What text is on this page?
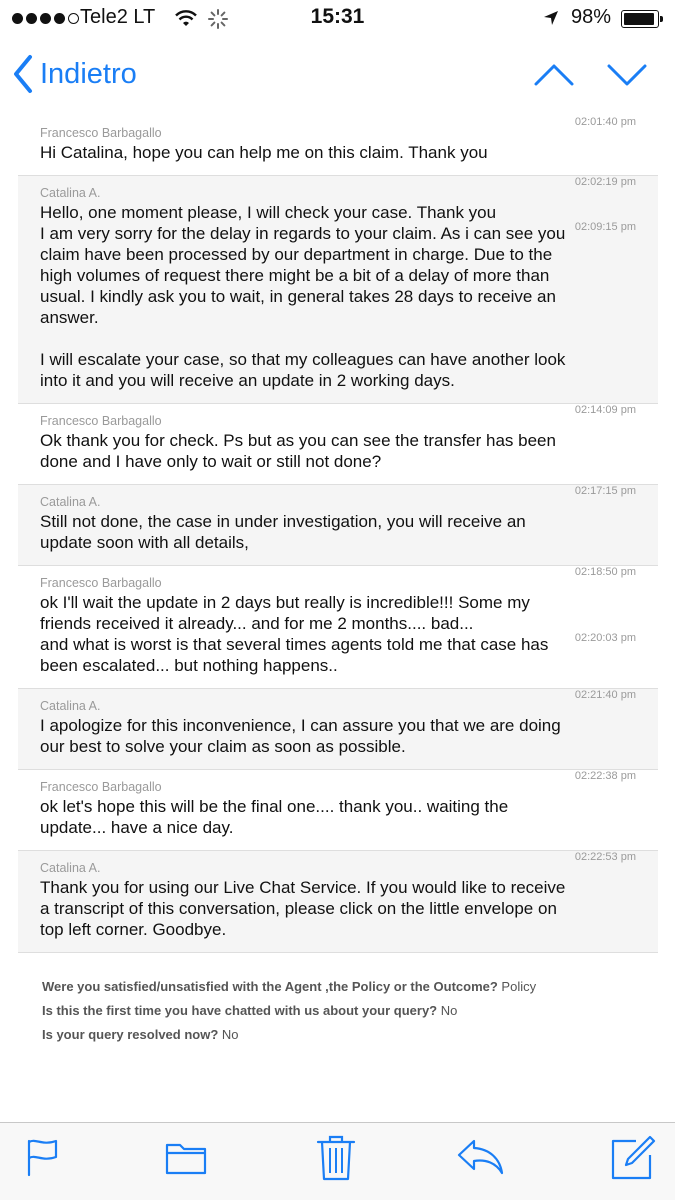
Tele2 LT	15:31	98%
Indietro
Francesco Barbagallo
02:01:40 pm
Hi Catalina, hope you can help me on this claim. Thank you
Catalina A.
02:02:19 pm
Hello, one moment please, I will check your case. Thank you
02:09:15 pm
I am very sorry for the delay in regards to your claim. As i can see you claim have been processed by our department in charge. Due to the high volumes of request there might be a bit of a delay of more than usual. I kindly ask you to wait, in general takes 28 days to receive an answer.
I will escalate your case, so that my colleagues can have another look into it and you will receive an update in 2 working days.
Francesco Barbagallo
02:14:09 pm
Ok thank you for check. Ps but as you can see the transfer has been done and I have only to wait or still not done?
Catalina A.
02:17:15 pm
Still not done, the case in under investigation, you will receive an update soon with all details,
Francesco Barbagallo
02:18:50 pm
ok I'll wait the update in 2 days but really is incredible!!! Some my friends received it already... and for me 2 months.... bad...
02:20:03 pm
and what is worst is that several times agents told me that case has been escalated... but nothing happens..
Catalina A.
02:21:40 pm
I apologize for this inconvenience, I can assure you that we are doing our best to solve your claim as soon as possible.
Francesco Barbagallo
02:22:38 pm
ok let's hope this will be the final one.... thank you.. waiting the update... have a nice day.
Catalina A.
02:22:53 pm
Thank you for using our Live Chat Service. If you would like to receive a transcript of this conversation, please click on the little envelope on top left corner. Goodbye.
Were you satisfied/unsatisfied with the Agent ,the Policy or the Outcome? Policy
Is this the first time you have chatted with us about your query? No
Is your query resolved now? No
